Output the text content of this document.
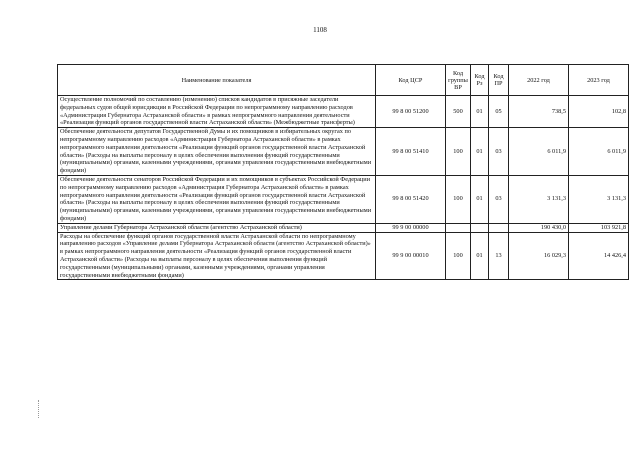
1108
Наименование показателя	Код ЦСР	Код группы ВР	Код Рз	Код ПР	2022 год	2023 год
Осуществление полномочий по составлению (изменению) списков кандидатов в присяжные заседатели федеральных судов общей юрисдикции в Российской Федерации по непрограммному направлению расходов «Администрация Губернатора Астраханской области» в рамках непрограммного направления деятельности «Реализация функций органов государственной власти Астраханской области» (Межбюджетные трансферты)	99 8 00 51200	500	01	05	738,5	102,8
Обеспечение деятельности депутатов Государственной Думы и их помощников в избирательных округах по непрограммному направлению расходов «Администрация Губернатора Астраханской области» в рамках непрограммного направления деятельности «Реализация функций органов государственной власти Астраханской области» (Расходы на выплаты персоналу в целях обеспечения выполнения функций государственными (муниципальными) органами, казенными учреждениями, органами управления государственными внебюджетными фондами)	99 8 00 51410	100	01	03	6 011,9	6 011,9
Обеспечение деятельности сенаторов Российской Федерации и их помощников в субъектах Российской Федерации по непрограммному направлению расходов «Администрация Губернатора Астраханской области» в рамках непрограммного направления деятельности «Реализация функций органов государственной власти Астраханской области» (Расходы на выплаты персоналу в целях обеспечения выполнения функций государственными (муниципальными) органами, казенными учреждениями, органами управления государственными внебюджетными фондами)	99 8 00 51420	100	01	03	3 131,3	3 131,3
Управление делами Губернатора Астраханской области (агентство Астраханской области)	99 9 00 00000				190 430,0	103 921,8
Расходы на обеспечение функций органов государственной власти Астраханской области по непрограммному направлению расходов «Управление делами Губернатора Астраханской области (агентство Астраханской области)» в рамках непрограммного направления деятельности «Реализация функций органов государственной власти Астраханской области» (Расходы на выплаты персоналу в целях обеспечения выполнения функций государственными (муниципальными) органами, казенными учреждениями, органами управления государственными внебюджетными фондами)	99 9 00 00010	100	01	13	16 029,3	14 426,4
